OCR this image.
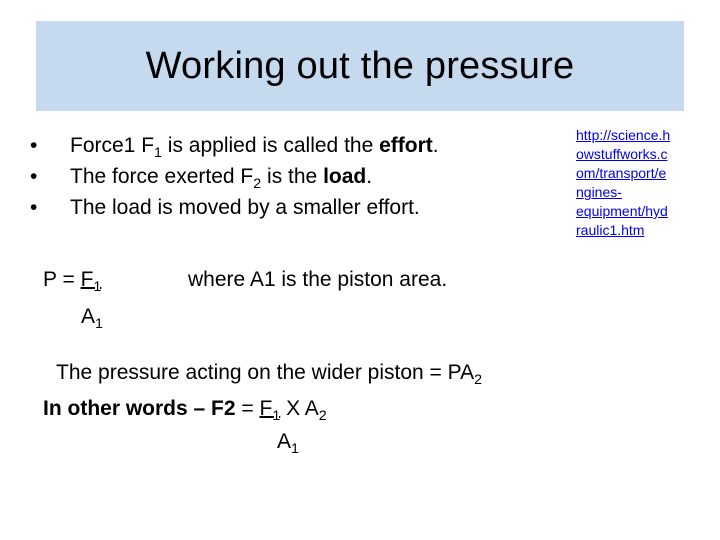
Working out the pressure
• Force1 $F_1$ is applied is called the effort.
• The force exerted $F_2$ is the load.
• The load is moved by a smaller effort.
$P = F_1$	where A1 is the piston area.
$A_1$
The pressure acting on the wider piston = $PA_2$
In other words – $F2 = F_1$ X $A_2$
$A_1$
http://science.h
owstuffworks.c
om/transport/e
ngines-
equipment/hyd
raulic1.htm
